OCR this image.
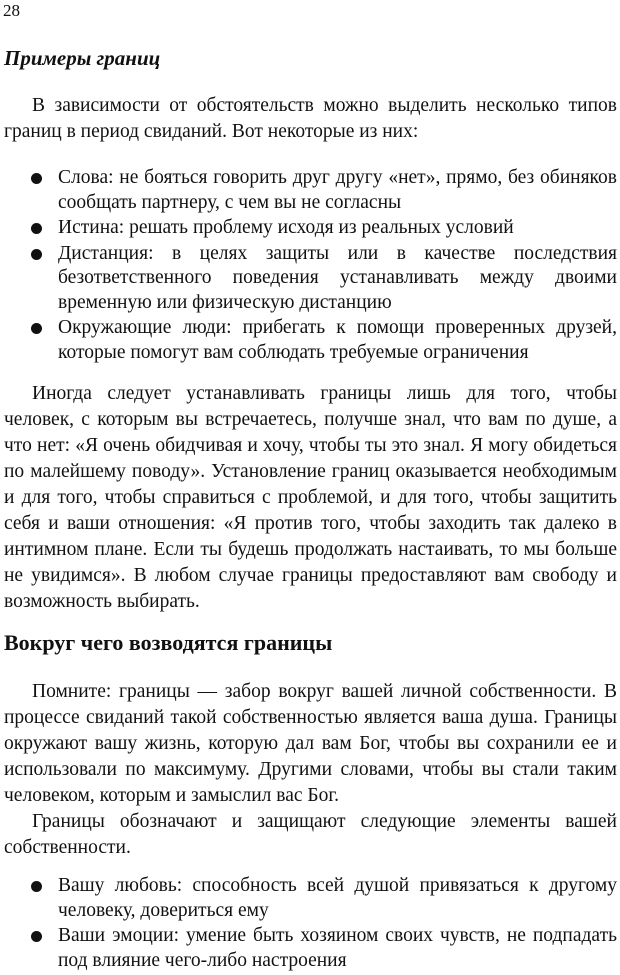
28
Примеры границ

В зависимости от обстоятельств можно выделить несколько типов границ в период свиданий. Вот некоторые из них:

Слова: не бояться говорить друг другу «нет», прямо, без обиняков сообщать партнеру, с чем вы не согласны
Истина: решать проблему исходя из реальных условий
Дистанция: в целях защиты или в качестве последствия безответственного поведения устанавливать между двоими временную или физическую дистанцию
Окружающие люди: прибегать к помощи проверенных друзей, которые помогут вам соблюдать требуемые ограничения

Иногда следует устанавливать границы лишь для того, чтобы человек, с которым вы встречаетесь, получше знал, что вам по душе, а что нет: «Я очень обидчивая и хочу, чтобы ты это знал. Я могу обидеться по малейшему поводу». Установление границ оказывается необходимым и для того, чтобы справиться с проблемой, и для того, чтобы защитить себя и ваши отношения: «Я против того, чтобы заходить так далеко в интимном плане. Если ты будешь продолжать настаивать, то мы больше не увидимся». В любом случае границы предоставляют вам свободу и возможность выбирать.

Вокруг чего возводятся границы

Помните: границы — забор вокруг вашей личной собственности. В процессе свиданий такой собственностью является ваша душа. Границы окружают вашу жизнь, которую дал вам Бог, чтобы вы сохранили ее и использовали по максимуму. Другими словами, чтобы вы стали таким человеком, которым и замыслил вас Бог.

Границы обозначают и защищают следующие элементы вашей собственности.

Вашу любовь: способность всей душой привязаться к другому человеку, довериться ему
Ваши эмоции: умение быть хозяином своих чувств, не подпадать под влияние чего-либо настроения
